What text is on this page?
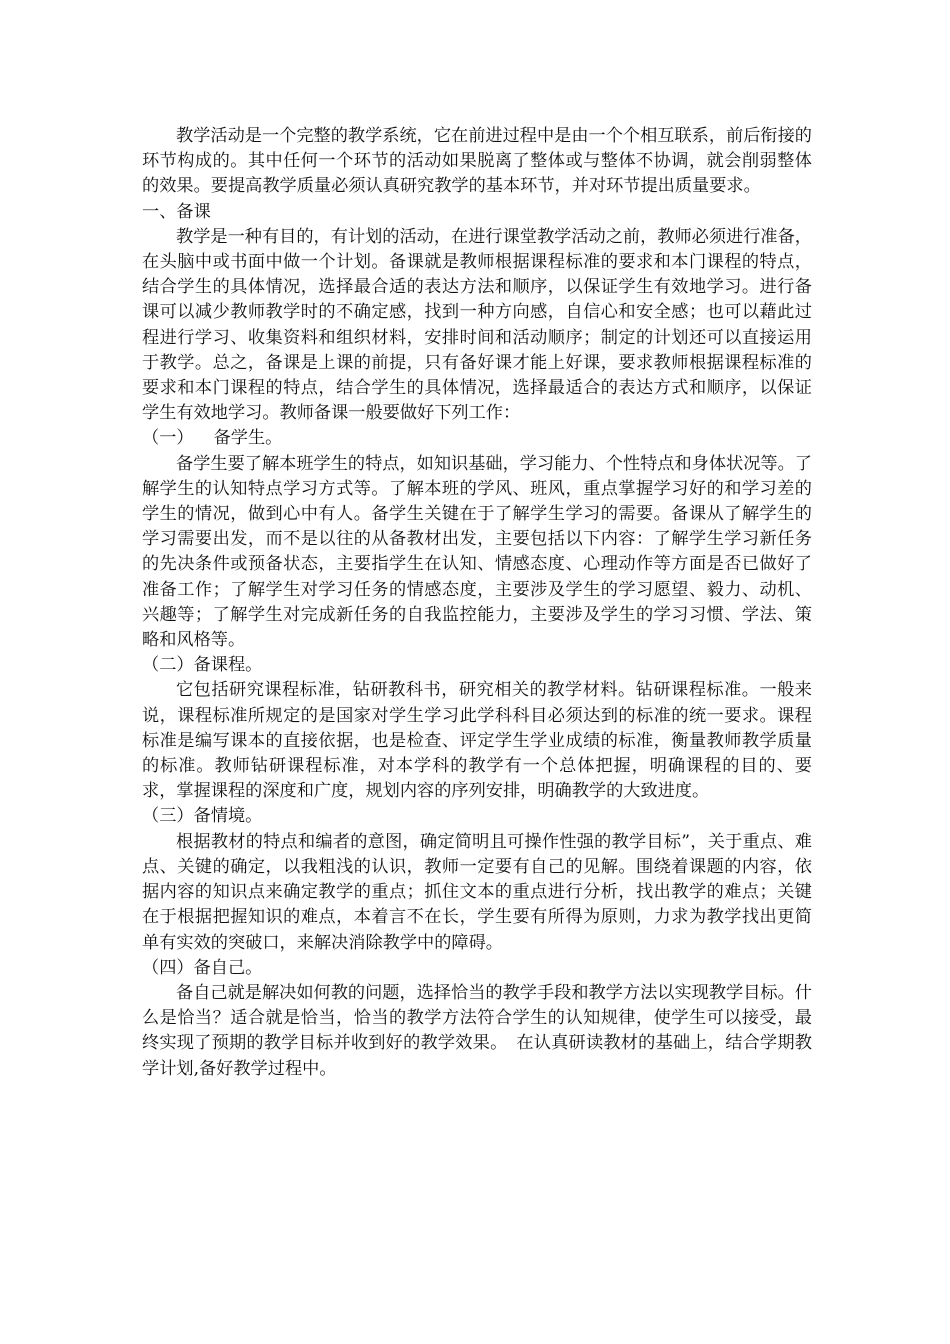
教学活动是一个完整的教学系统，它在前进过程中是由一个个相互联系，前后衔接的环节构成的。其中任何一个环节的活动如果脱离了整体或与整体不协调，就会削弱整体的效果。要提高教学质量必须认真研究教学的基本环节，并对环节提出质量要求。

一、备课

教学是一种有目的，有计划的活动，在进行课堂教学活动之前，教师必须进行准备，在头脑中或书面中做一个计划。备课就是教师根据课程标准的要求和本门课程的特点，结合学生的具体情况，选择最合适的表达方法和顺序，以保证学生有效地学习。进行备课可以减少教师教学时的不确定感，找到一种方向感，自信心和安全感；也可以藉此过程进行学习、收集资料和组织材料，安排时间和活动顺序；制定的计划还可以直接运用于教学。总之，备课是上课的前提，只有备好课才能上好课，要求教师根据课程标准的要求和本门课程的特点，结合学生的具体情况，选择最适合的表达方式和顺序，以保证学生有效地学习。教师备课一般要做好下列工作：

（一） 备学生。

备学生要了解本班学生的特点，如知识基础，学习能力、个性特点和身体状况等。了解学生的认知特点学习方式等。了解本班的学风、班风，重点掌握学习好的和学习差的学生的情况，做到心中有人。备学生关键在于了解学生学习的需要。备课从了解学生的学习需要出发，而不是以往的从备教材出发，主要包括以下内容：了解学生学习新任务的先决条件或预备状态，主要指学生在认知、情感态度、心理动作等方面是否已做好了准备工作；了解学生对学习任务的情感态度，主要涉及学生的学习愿望、毅力、动机、兴趣等；了解学生对完成新任务的自我监控能力，主要涉及学生的学习习惯、学法、策略和风格等。

（二）备课程。

它包括研究课程标准，钻研教科书，研究相关的教学材料。钻研课程标准。一般来说，课程标准所规定的是国家对学生学习此学科科目必须达到的标准的统一要求。课程标准是编写课本的直接依据，也是检查、评定学生学业成绩的标准，衡量教师教学质量的标准。教师钻研课程标准，对本学科的教学有一个总体把握，明确课程的目的、要求，掌握课程的深度和广度，规划内容的序列安排，明确教学的大致进度。

（三）备情境。

根据教材的特点和编者的意图，确定简明且可操作性强的教学目标”，关于重点、难点、关键的确定，以我粗浅的认识，教师一定要有自己的见解。围绕着课题的内容，依据内容的知识点来确定教学的重点；抓住文本的重点进行分析，找出教学的难点；关键在于根据把握知识的难点，本着言不在长，学生要有所得为原则，力求为教学找出更简单有实效的突破口，来解决消除教学中的障碍。

（四）备自己。

备自己就是解决如何教的问题，选择恰当的教学手段和教学方法以实现教学目标。什么是恰当？适合就是恰当，恰当的教学方法符合学生的认知规律，使学生可以接受，最终实现了预期的教学目标并收到好的教学效果。　在认真研读教材的基础上，结合学期教学计划,备好教学过程中。
